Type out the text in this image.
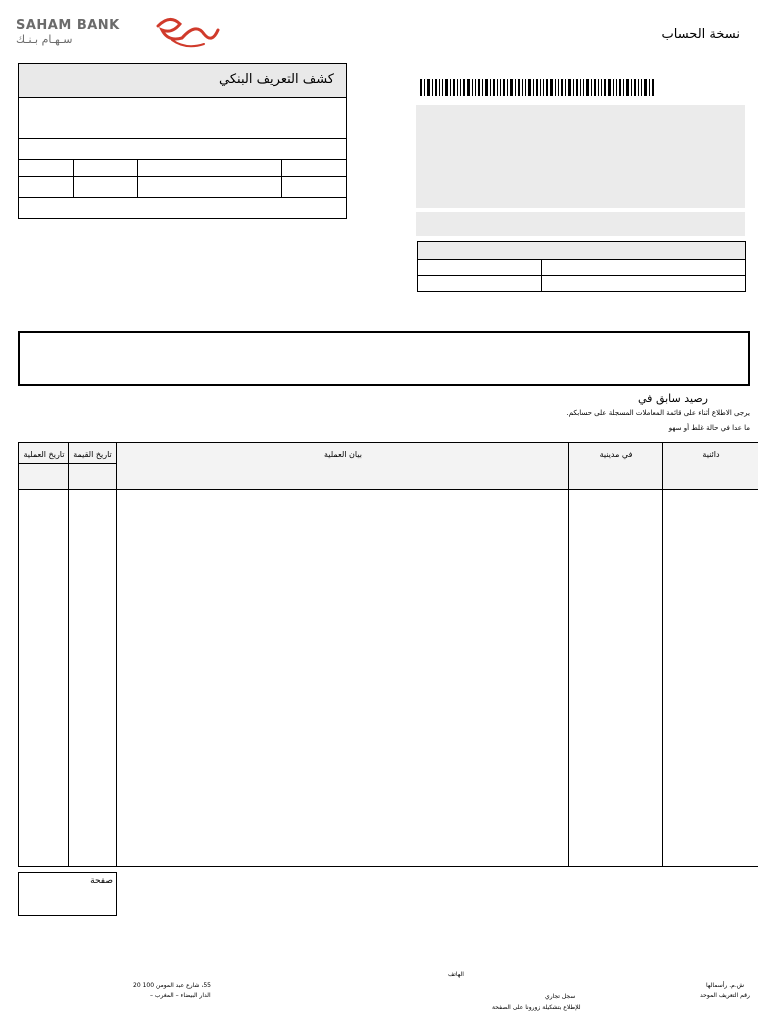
SAHAM BANK
سـهـام بـنـك	نسخة الحساب
كشف التعريف البنكي
رصيد سابق في
يرجى الاطلاع أثناء على قائمة المعاملات المسجلة على حسابكم.
ما عدا في حالة غلط أو سهو
تاريخ العملية	تاريخ القيمة	بيان العملية	في مدينية	دائنية
صفحة
الهاتف
سجل تجاري
للإطلاع بتشكيلة زورونا على الصفحة
55، شارع عبد المومن 100 20
الدار البيضاء – المغرب –
ش.م. رأسمالها
رقم التعريف الموحد
